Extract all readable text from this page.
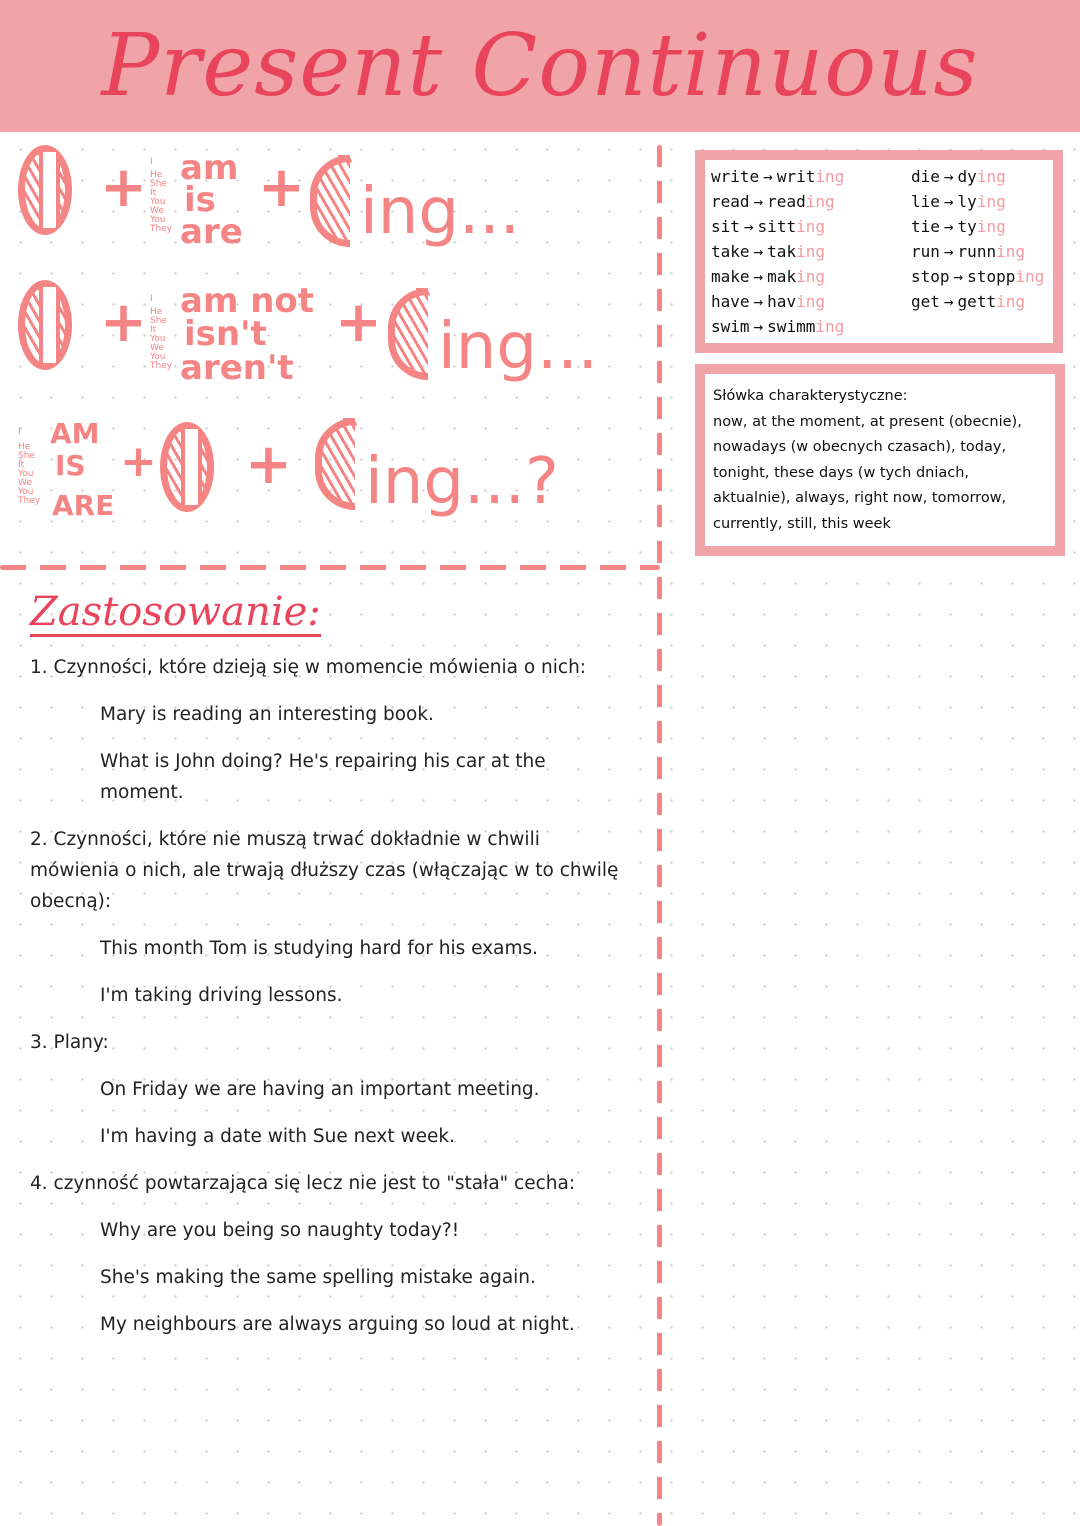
Present Continuous
+ I
He
She
It
You
We
You
They
am
is
are
+ ing...
+ I
He
She
It
You
We
You
They
am not
isn't
aren't
+ ing...
I
He
She
It
You
We
You
They
AM
IS
ARE
+ + ing...?
write → writing
read → reading
sit → sitting
take → taking
make → making
have → having
swim → swimming
die → dying
lie → lying
tie → tying
run → running
stop → stopping
get → getting
Słówka charakterystyczne:
now, at the moment, at present (obecnie), nowadays (w obecnych czasach), today, tonight, these days (w tych dniach, aktualnie), always, right now, tomorrow, currently, still, this week
Zastosowanie:
1. Czynności, które dzieją się w momencie mówienia o nich:
Mary is reading an interesting book.
What is John doing? He's repairing his car at the moment.
2. Czynności, które nie muszą trwać dokładnie w chwili mówienia o nich, ale trwają dłuższy czas (włączając w to chwilę obecną):
This month Tom is studying hard for his exams.
I'm taking driving lessons.
3. Plany:
On Friday we are having an important meeting.
I'm having a date with Sue next week.
4. czynność powtarzająca się lecz nie jest to "stała" cecha:
Why are you being so naughty today?!
She's making the same spelling mistake again.
My neighbours are always arguing so loud at night.
